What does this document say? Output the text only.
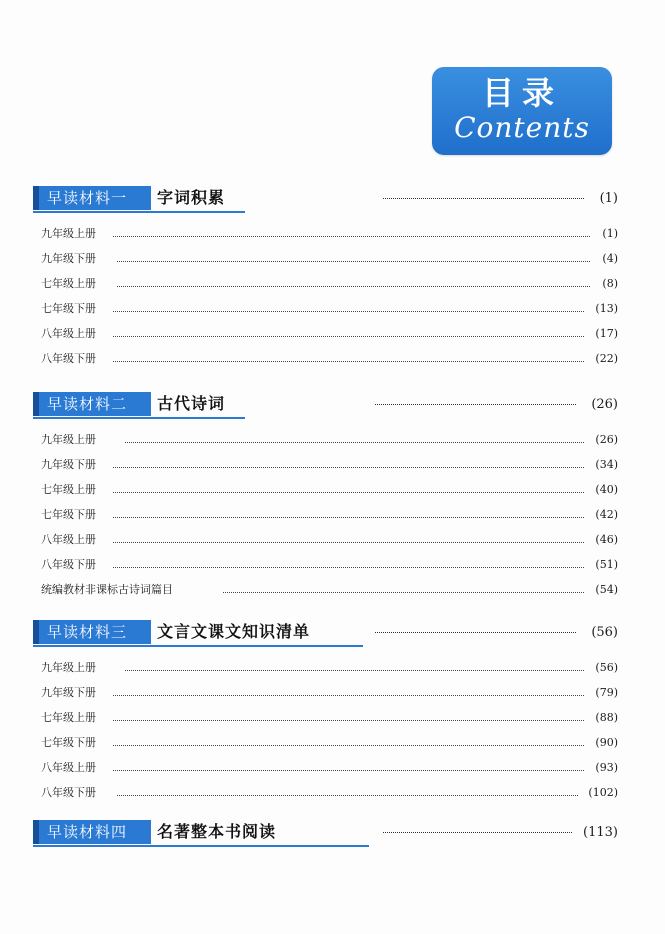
目录
Contents
早读材料一	字词积累	(1)
九年级上册	(1)
九年级下册	(4)
七年级上册	(8)
七年级下册	(13)
八年级上册	(17)
八年级下册	(22)
早读材料二	古代诗词	(26)
九年级上册	(26)
九年级下册	(34)
七年级上册	(40)
七年级下册	(42)
八年级上册	(46)
八年级下册	(51)
统编教材非课标古诗词篇目	(54)
早读材料三	文言文课文知识清单	(56)
九年级上册	(56)
九年级下册	(79)
七年级上册	(88)
七年级下册	(90)
八年级上册	(93)
八年级下册	(102)
早读材料四	名著整本书阅读	(113)
